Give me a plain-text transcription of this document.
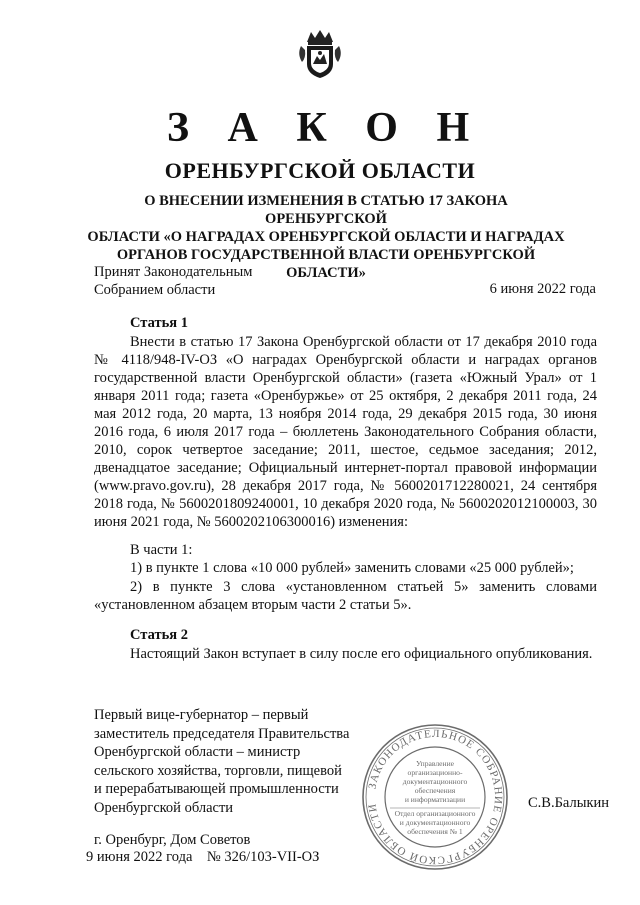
З А К О Н
ОРЕНБУРГСКОЙ ОБЛАСТИ
О ВНЕСЕНИИ ИЗМЕНЕНИЯ В СТАТЬЮ 17 ЗАКОНА ОРЕНБУРГСКОЙ
ОБЛАСТИ «О НАГРАДАХ ОРЕНБУРГСКОЙ ОБЛАСТИ И НАГРАДАХ
ОРГАНОВ ГОСУДАРСТВЕННОЙ ВЛАСТИ ОРЕНБУРГСКОЙ
ОБЛАСТИ»
Принят Законодательным
Собранием области	6 июня 2022 года
Статья 1
Внести в статью 17 Закона Оренбургской области от 17 декабря 2010 года № 4118/948-IV-ОЗ «О наградах Оренбургской области и наградах органов государственной власти Оренбургской области» (газета «Южный Урал» от 1 января 2011 года; газета «Оренбуржье» от 25 октября, 2 декабря 2011 года, 24 мая 2012 года, 20 марта, 13 ноября 2014 года, 29 декабря 2015 года, 30 июня 2016 года, 6 июля 2017 года – бюллетень Законодательного Собрания области, 2010, сорок четвертое заседание; 2011, шестое, седьмое заседания; 2012, двенадцатое заседание; Официальный интернет-портал правовой информации (www.pravo.gov.ru), 28 декабря 2017 года, № 5600201712280021, 24 сентября 2018 года, № 5600201809240001, 10 декабря 2020 года, № 5600202012100003, 30 июня 2021 года, № 5600202106300016) изменения:
В части 1:
1) в пункте 1 слова «10 000 рублей» заменить словами «25 000 рублей»;
2) в пункте 3 слова «установленном статьей 5» заменить словами «установленном абзацем вторым части 2 статьи 5».
Статья 2
Настоящий Закон вступает в силу после его официального опубликования.
Первый вице-губернатор – первый
заместитель председателя Правительства
Оренбургской области – министр
сельского хозяйства, торговли, пищевой
и перерабатывающей промышленности
Оренбургской области
ЗАКОНОДАТЕЛЬНОЕ СОБРАНИЕ ОРЕНБУРГСКОЙ ОБЛАСТИ
Управление
организационно-
документационного
обеспечения
и информатизации
Отдел организационного
и документационного
обеспечения № 1
С.В.Балыкин
г. Оренбург, Дом Советов
9 июня 2022 года № 326/103-VII-ОЗ
